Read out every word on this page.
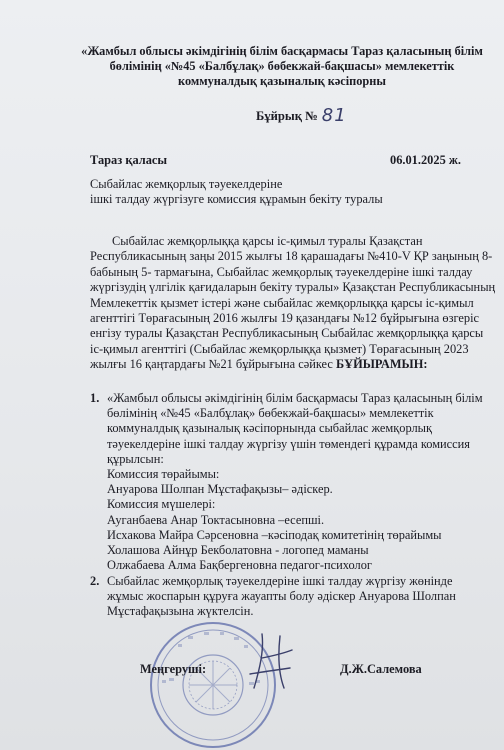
«Жамбыл облысы әкімдігінің білім басқармасы Тараз қаласының білім
бөлімінің «№45 «Балбұлақ» бөбекжай-бақшасы» мемлекеттік
коммуналдық қазыналық кәсіпорны
Бұйрық № 81
Тараз қаласы	06.01.2025 ж.
Сыбайлас жемқорлық тәуекелдеріне
ішкі талдау жүргізуге комиссия құрамын бекіту туралы
Сыбайлас жемқорлыққа қарсы іс-қимыл туралы Қазақстан
Республикасының заңы 2015 жылғы 18 қарашадағы №410-V ҚР заңының 8-
бабының 5- тармағына, Сыбайлас жемқорлық тәуекелдеріне ішкі талдау
жүргізудің үлгілік қағидаларын бекіту туралы» Қазақстан Республикасының
Мемлекеттік қызмет істері және сыбайлас жемқорлыққа қарсы іс-қимыл
агенттігі Төрағасының 2016 жылғы 19 қазандағы №12 бұйрығына өзгеріс
енгізу туралы Қазақстан Республикасының Сыбайлас жемқорлыққа қарсы
іс-қимыл агенттігі (Сыбайлас жемқорлыққа қызмет) Төрағасының 2023
жылғы 16 қаңтардағы №21 бұйрығына сәйкес БҰЙЫРАМЫН:
1. «Жамбыл облысы әкімдігінің білім басқармасы Тараз қаласының білім
бөлімінің «№45 «Балбұлақ» бөбекжай-бақшасы» мемлекеттік
коммуналдық қазыналық кәсіпорнында сыбайлас жемқорлық
тәуекелдеріне ішкі талдау жүргізу үшін төмендегі құрамда комиссия
құрылсын:
Комиссия төрайымы:
Ануарова Шолпан Мұстафақызы– әдіскер.
Комиссия мүшелері:
Ауганбаева Анар Токтасыновна –есепші.
Исхакова Майра Сәрсеновна –кәсіподақ комитетінің төрайымы
Холашова Айнұр Бекболатовна - логопед маманы
Олжабаева Алма Бақбергеновна педагог-психолог
2. Сыбайлас жемқорлық тәуекелдеріне ішкі талдау жүргізу жөнінде
жұмыс жоспарын құруға жауапты болу әдіскер Ануарова Шолпан
Мұстафақызына жүктелсін.
Меңгеруші:	Д.Ж.Салемова
